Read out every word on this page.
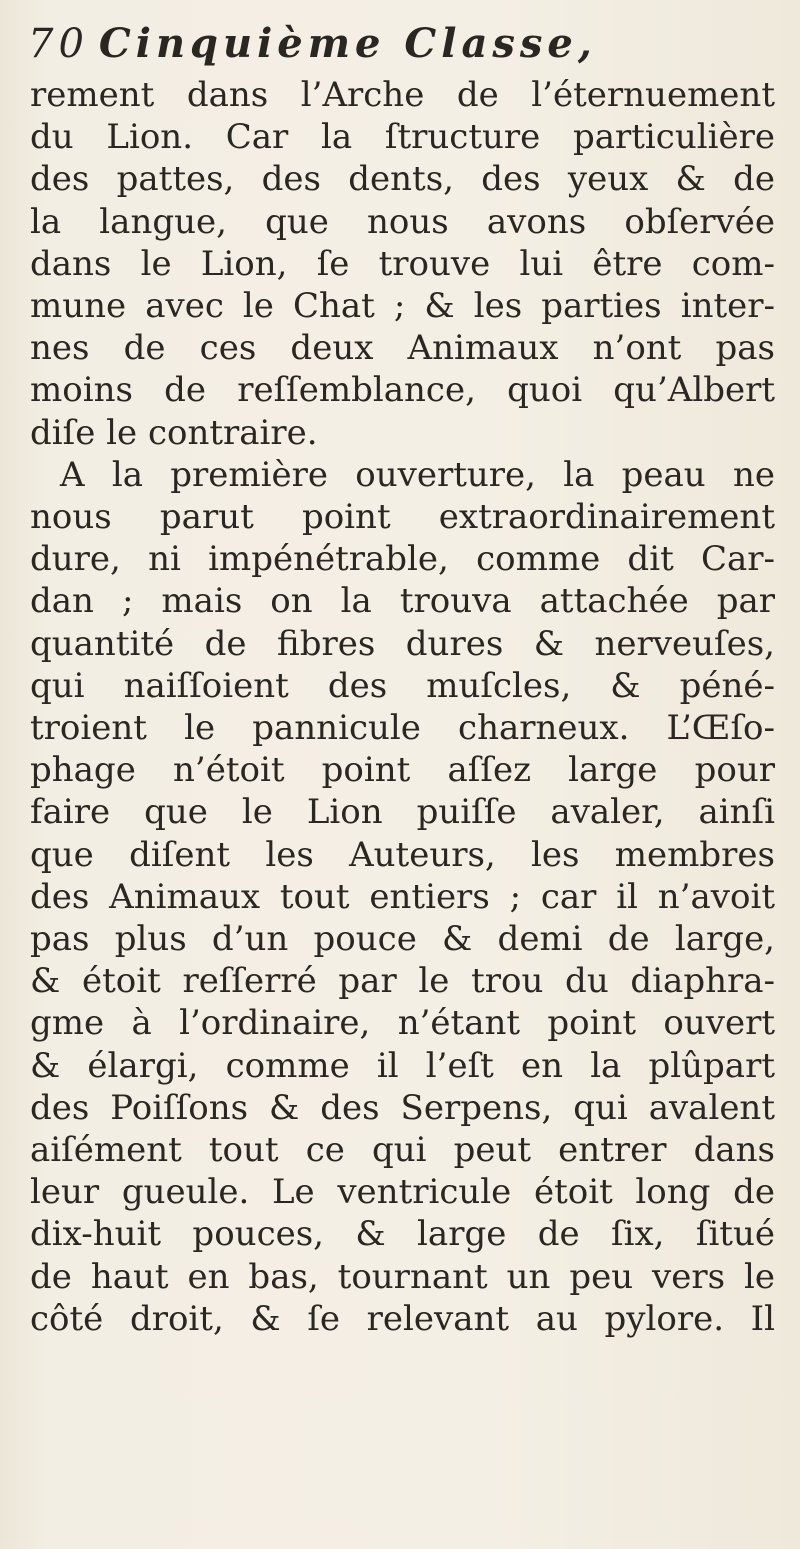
70 Cinquième Classe,
rement dans l’Arche de l’éternuement
du Lion. Car la ſtructure particulière
des pattes, des dents, des yeux & de
la langue, que nous avons obſervée
dans le Lion, ſe trouve lui être com-
mune avec le Chat ; & les parties inter-
nes de ces deux Animaux n’ont pas
moins de reſſemblance, quoi qu’Albert
diſe le contraire.
A la première ouverture, la peau ne
nous parut point extraordinairement
dure, ni impénétrable, comme dit Car-
dan ; mais on la trouva attachée par
quantité de fibres dures & nerveuſes,
qui naiſſoient des muſcles, & péné-
troient le pannicule charneux. L’Œſo-
phage n’étoit point aſſez large pour
faire que le Lion puiſſe avaler, ainſi
que diſent les Auteurs, les membres
des Animaux tout entiers ; car il n’avoit
pas plus d’un pouce & demi de large,
& étoit reſſerré par le trou du diaphra-
gme à l’ordinaire, n’étant point ouvert
& élargi, comme il l’eſt en la plûpart
des Poiſſons & des Serpens, qui avalent
aiſément tout ce qui peut entrer dans
leur gueule. Le ventricule étoit long de
dix-huit pouces, & large de ſix, ſitué
de haut en bas, tournant un peu vers le
côté droit, & ſe relevant au pylore. Il
